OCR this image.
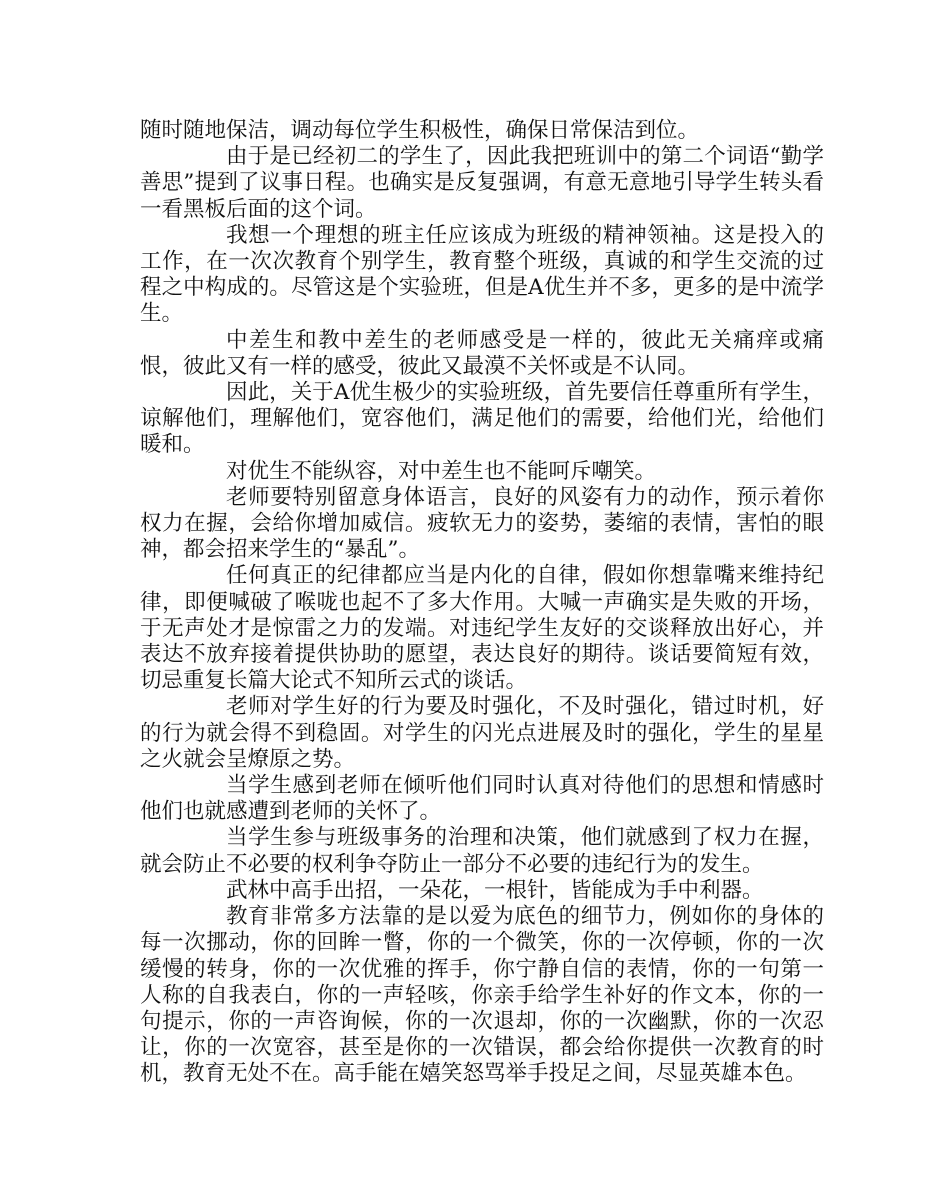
随时随地保洁，调动每位学生积极性，确保日常保洁到位。

由于是已经初二的学生了，因此我把班训中的第二个词语“勤学善思”提到了议事日程。也确实是反复强调，有意无意地引导学生转头看一看黑板后面的这个词。

我想一个理想的班主任应该成为班级的精神领袖。这是投入的工作，在一次次教育个别学生，教育整个班级，真诚的和学生交流的过程之中构成的。尽管这是个实验班，但是A优生并不多，更多的是中流学生。

中差生和教中差生的老师感受是一样的，彼此无关痛痒或痛恨，彼此又有一样的感受，彼此又最漠不关怀或是不认同。

因此，关于A优生极少的实验班级，首先要信任尊重所有学生，谅解他们，理解他们，宽容他们，满足他们的需要，给他们光，给他们暖和。

对优生不能纵容，对中差生也不能呵斥嘲笑。

老师要特别留意身体语言，良好的风姿有力的动作，预示着你权力在握，会给你增加威信。疲软无力的姿势，萎缩的表情，害怕的眼神，都会招来学生的“暴乱”。

任何真正的纪律都应当是内化的自律，假如你想靠嘴来维持纪律，即便喊破了喉咙也起不了多大作用。大喊一声确实是失败的开场，于无声处才是惊雷之力的发端。对违纪学生友好的交谈释放出好心，并表达不放弃接着提供协助的愿望，表达良好的期待。谈话要简短有效，切忌重复长篇大论式不知所云式的谈话。

老师对学生好的行为要及时强化，不及时强化，错过时机，好的行为就会得不到稳固。对学生的闪光点进展及时的强化，学生的星星之火就会呈燎原之势。

当学生感到老师在倾听他们同时认真对待他们的思想和情感时他们也就感遭到老师的关怀了。

当学生参与班级事务的治理和决策，他们就感到了权力在握，就会防止不必要的权利争夺防止一部分不必要的违纪行为的发生。

武林中高手出招，一朵花，一根针，皆能成为手中利器。

教育非常多方法靠的是以爱为底色的细节力，例如你的身体的每一次挪动，你的回眸一瞥，你的一个微笑，你的一次停顿，你的一次缓慢的转身，你的一次优雅的挥手，你宁静自信的表情，你的一句第一人称的自我表白，你的一声轻咳，你亲手给学生补好的作文本，你的一句提示，你的一声咨询候，你的一次退却，你的一次幽默，你的一次忍让，你的一次宽容，甚至是你的一次错误，都会给你提供一次教育的时机，教育无处不在。高手能在嬉笑怒骂举手投足之间，尽显英雄本色。
